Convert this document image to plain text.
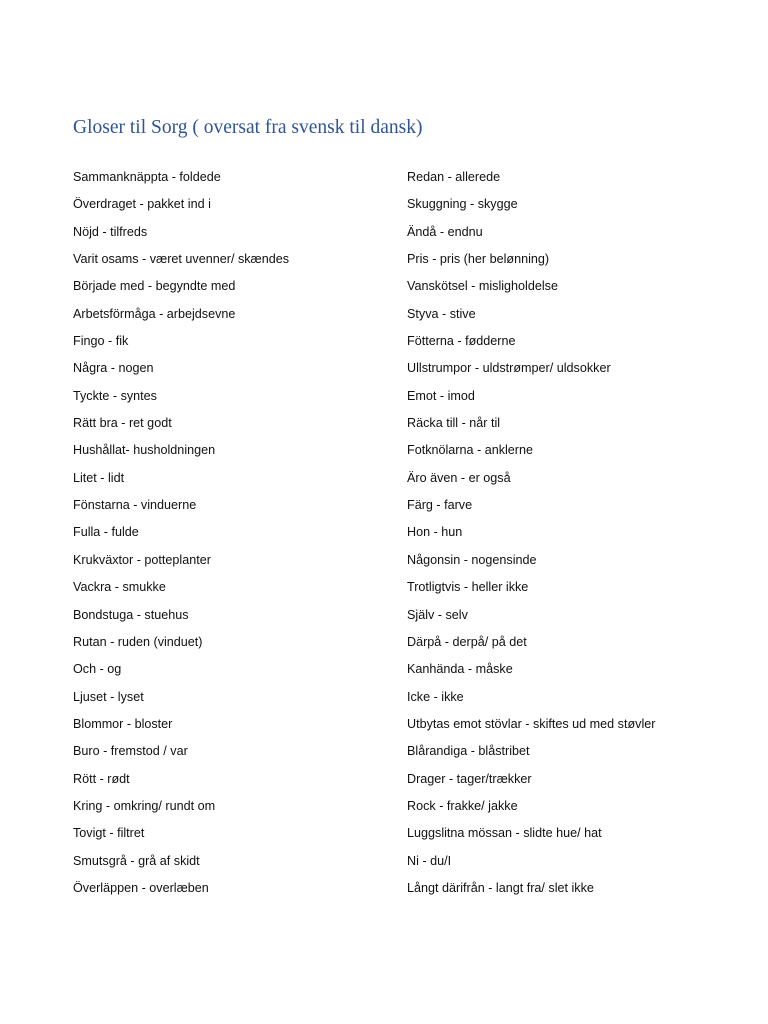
Gloser til Sorg ( oversat fra svensk til dansk)
Sammanknäppta - foldede
Överdraget - pakket ind i
Nöjd - tilfreds
Varit osams - været uvenner/ skændes
Började med - begyndte med
Arbetsförmåga - arbejdsevne
Fingo - fik
Några - nogen
Tyckte - syntes
Rätt bra - ret godt
Hushållat- husholdningen
Litet - lidt
Fönstarna - vinduerne
Fulla - fulde
Krukväxtor - potteplanter
Vackra - smukke
Bondstuga - stuehus
Rutan - ruden (vinduet)
Och - og
Ljuset - lyset
Blommor - bloster
Buro - fremstod / var
Rött - rødt
Kring - omkring/ rundt om
Tovigt - filtret
Smutsgrå - grå af skidt
Överläppen - overlæben
Redan - allerede
Skuggning - skygge
Ändå - endnu
Pris - pris (her belønning)
Vanskötsel - misligholdelse
Styva - stive
Fötterna - fødderne
Ullstrumpor - uldstrømper/ uldsokker
Emot - imod
Räcka till - når til
Fotknölarna - anklerne
Äro även - er også
Färg - farve
Hon - hun
Någonsin - nogensinde
Trotligtvis - heller ikke
Själv - selv
Därpå - derpå/ på det
Kanhända - måske
Icke - ikke
Utbytas emot stövlar - skiftes ud med støvler
Blårandiga - blåstribet
Drager - tager/trækker
Rock - frakke/ jakke
Luggslitna mössan - slidte hue/ hat
Ni - du/I
Långt därifrån - langt fra/ slet ikke
